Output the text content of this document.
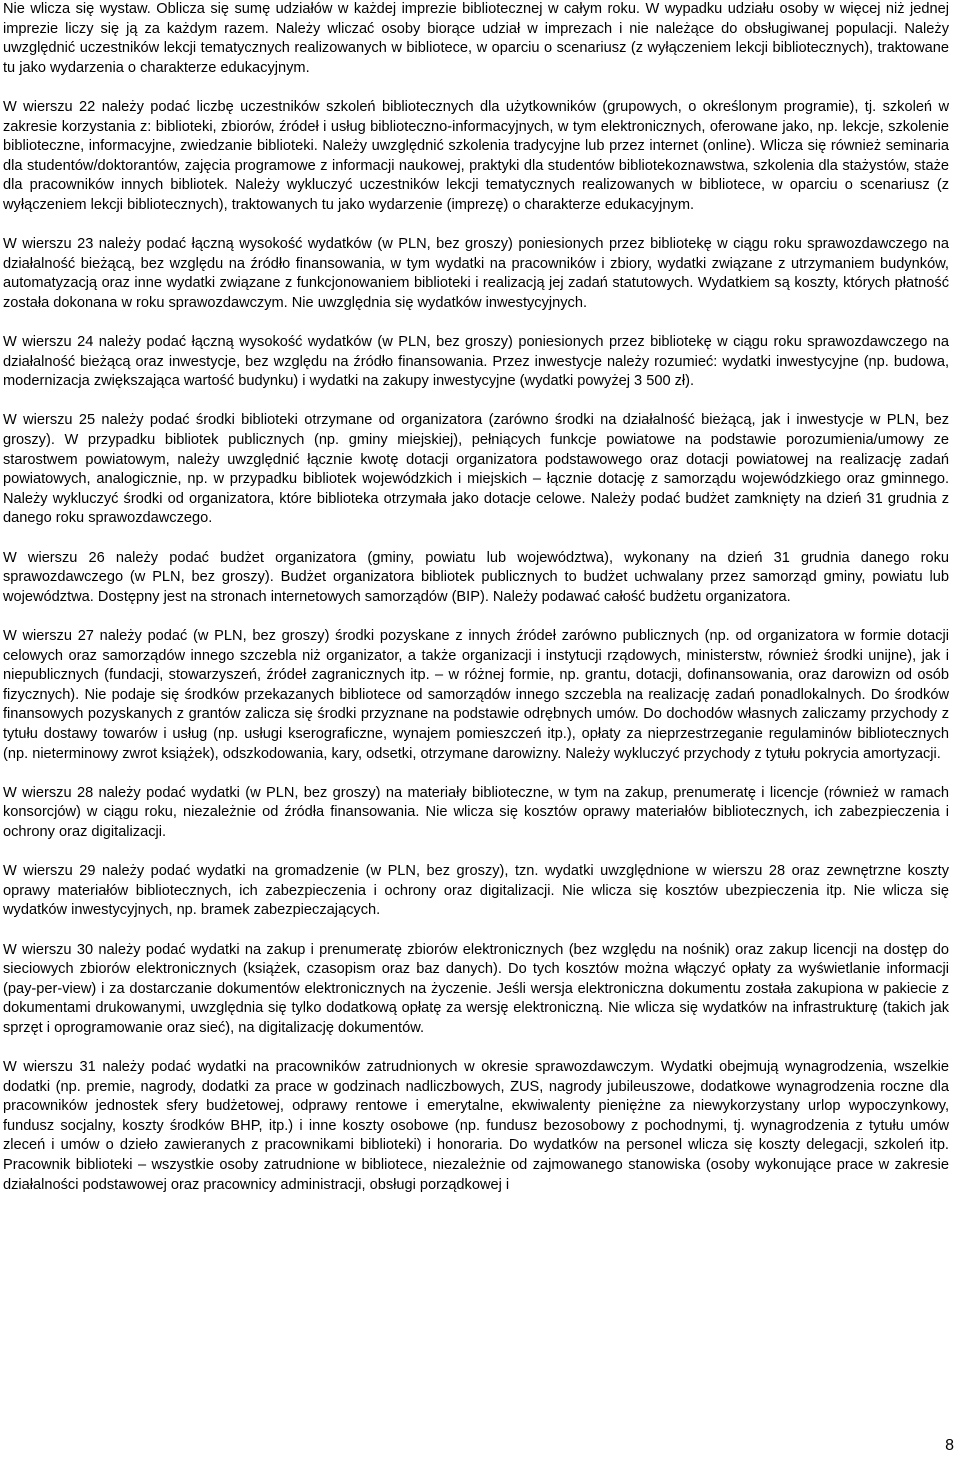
Nie wlicza się wystaw. Oblicza się sumę udziałów w każdej imprezie bibliotecznej w całym roku. W wypadku udziału osoby w więcej niż jednej imprezie liczy się ją za każdym razem. Należy wliczać osoby biorące udział w imprezach i nie należące do obsługiwanej populacji. Należy uwzględnić uczestników lekcji tematycznych realizowanych w bibliotece, w oparciu o scenariusz (z wyłączeniem lekcji bibliotecznych), traktowane tu jako wydarzenia o charakterze edukacyjnym.

W wierszu 22 należy podać liczbę uczestników szkoleń bibliotecznych dla użytkowników (grupowych, o określonym programie), tj. szkoleń w zakresie korzystania z: biblioteki, zbiorów, źródeł i usług biblioteczno-informacyjnych, w tym elektronicznych, oferowane jako, np. lekcje, szkolenie biblioteczne, informacyjne, zwiedzanie biblioteki. Należy uwzględnić szkolenia tradycyjne lub przez internet (online). Wlicza się również seminaria dla studentów/doktorantów, zajęcia programowe z informacji naukowej, praktyki dla studentów bibliotekoznawstwa, szkolenia dla stażystów, staże dla pracowników innych bibliotek. Należy wykluczyć uczestników lekcji tematycznych realizowanych w bibliotece, w oparciu o scenariusz (z wyłączeniem lekcji bibliotecznych), traktowanych tu jako wydarzenie (imprezę) o charakterze edukacyjnym.

W wierszu 23 należy podać łączną wysokość wydatków (w PLN, bez groszy) poniesionych przez bibliotekę w ciągu roku sprawozdawczego na działalność bieżącą, bez względu na źródło finansowania, w tym wydatki na pracowników i zbiory, wydatki związane z utrzymaniem budynków, automatyzacją oraz inne wydatki związane z funkcjonowaniem biblioteki i realizacją jej zadań statutowych. Wydatkiem są koszty, których płatność została dokonana w roku sprawozdawczym. Nie uwzględnia się wydatków inwestycyjnych.

W wierszu 24 należy podać łączną wysokość wydatków (w PLN, bez groszy) poniesionych przez bibliotekę w ciągu roku sprawozdawczego na działalność bieżącą oraz inwestycje, bez względu na źródło finansowania. Przez inwestycje należy rozumieć: wydatki inwestycyjne (np. budowa, modernizacja zwiększająca wartość budynku) i wydatki na zakupy inwestycyjne (wydatki powyżej 3 500 zł).

W wierszu 25 należy podać środki biblioteki otrzymane od organizatora (zarówno środki na działalność bieżącą, jak i inwestycje w PLN, bez groszy). W przypadku bibliotek publicznych (np. gminy miejskiej), pełniących funkcje powiatowe na podstawie porozumienia/umowy ze starostwem powiatowym, należy uwzględnić łącznie kwotę dotacji organizatora podstawowego oraz dotacji powiatowej na realizację zadań powiatowych, analogicznie, np. w przypadku bibliotek wojewódzkich i miejskich – łącznie dotację z samorządu wojewódzkiego oraz gminnego. Należy wykluczyć środki od organizatora, które biblioteka otrzymała jako dotacje celowe. Należy podać budżet zamknięty na dzień 31 grudnia z danego roku sprawozdawczego.

W wierszu 26 należy podać budżet organizatora (gminy, powiatu lub województwa), wykonany na dzień 31 grudnia danego roku sprawozdawczego (w PLN, bez groszy). Budżet organizatora bibliotek publicznych to budżet uchwalany przez samorząd gminy, powiatu lub województwa. Dostępny jest na stronach internetowych samorządów (BIP). Należy podawać całość budżetu organizatora.

W wierszu 27 należy podać (w PLN, bez groszy) środki pozyskane z innych źródeł zarówno publicznych (np. od organizatora w formie dotacji celowych oraz samorządów innego szczebla niż organizator, a także organizacji i instytucji rządowych, ministerstw, również środki unijne), jak i niepublicznych (fundacji, stowarzyszeń, źródeł zagranicznych itp. – w różnej formie, np. grantu, dotacji, dofinansowania, oraz darowizn od osób fizycznych). Nie podaje się środków przekazanych bibliotece od samorządów innego szczebla na realizację zadań ponadlokalnych. Do środków finansowych pozyskanych z grantów zalicza się środki przyznane na podstawie odrębnych umów. Do dochodów własnych zaliczamy przychody z tytułu dostawy towarów i usług (np. usługi kserograficzne, wynajem pomieszczeń itp.), opłaty za nieprzestrzeganie regulaminów bibliotecznych (np. nieterminowy zwrot książek), odszkodowania, kary, odsetki, otrzymane darowizny. Należy wykluczyć przychody z tytułu pokrycia amortyzacji.

W wierszu 28 należy podać wydatki (w PLN, bez groszy) na materiały biblioteczne, w tym na zakup, prenumeratę i licencje (również w ramach konsorcjów) w ciągu roku, niezależnie od źródła finansowania. Nie wlicza się kosztów oprawy materiałów bibliotecznych, ich zabezpieczenia i ochrony oraz digitalizacji.

W wierszu 29 należy podać wydatki na gromadzenie (w PLN, bez groszy), tzn. wydatki uwzględnione w wierszu 28 oraz zewnętrzne koszty oprawy materiałów bibliotecznych, ich zabezpieczenia i ochrony oraz digitalizacji. Nie wlicza się kosztów ubezpieczenia itp. Nie wlicza się wydatków inwestycyjnych, np. bramek zabezpieczających.

W wierszu 30 należy podać wydatki na zakup i prenumeratę zbiorów elektronicznych (bez względu na nośnik) oraz zakup licencji na dostęp do sieciowych zbiorów elektronicznych (książek, czasopism oraz baz danych). Do tych kosztów można włączyć opłaty za wyświetlanie informacji (pay-per-view) i za dostarczanie dokumentów elektronicznych na życzenie. Jeśli wersja elektroniczna dokumentu została zakupiona w pakiecie z dokumentami drukowanymi, uwzględnia się tylko dodatkową opłatę za wersję elektroniczną. Nie wlicza się wydatków na infrastrukturę (takich jak sprzęt i oprogramowanie oraz sieć), na digitalizację dokumentów.

W wierszu 31 należy podać wydatki na pracowników zatrudnionych w okresie sprawozdawczym. Wydatki obejmują wynagrodzenia, wszelkie dodatki (np. premie, nagrody, dodatki za prace w godzinach nadliczbowych, ZUS, nagrody jubileuszowe, dodatkowe wynagrodzenia roczne dla pracowników jednostek sfery budżetowej, odprawy rentowe i emerytalne, ekwiwalenty pieniężne za niewykorzystany urlop wypoczynkowy, fundusz socjalny, koszty środków BHP, itp.) i inne koszty osobowe (np. fundusz bezosobowy z pochodnymi, tj. wynagrodzenia z tytułu umów zleceń i umów o dzieło zawieranych z pracownikami biblioteki) i honoraria. Do wydatków na personel wlicza się koszty delegacji, szkoleń itp. Pracownik biblioteki – wszystkie osoby zatrudnione w bibliotece, niezależnie od zajmowanego stanowiska (osoby wykonujące prace w zakresie działalności podstawowej oraz pracownicy administracji, obsługi porządkowej i

8
